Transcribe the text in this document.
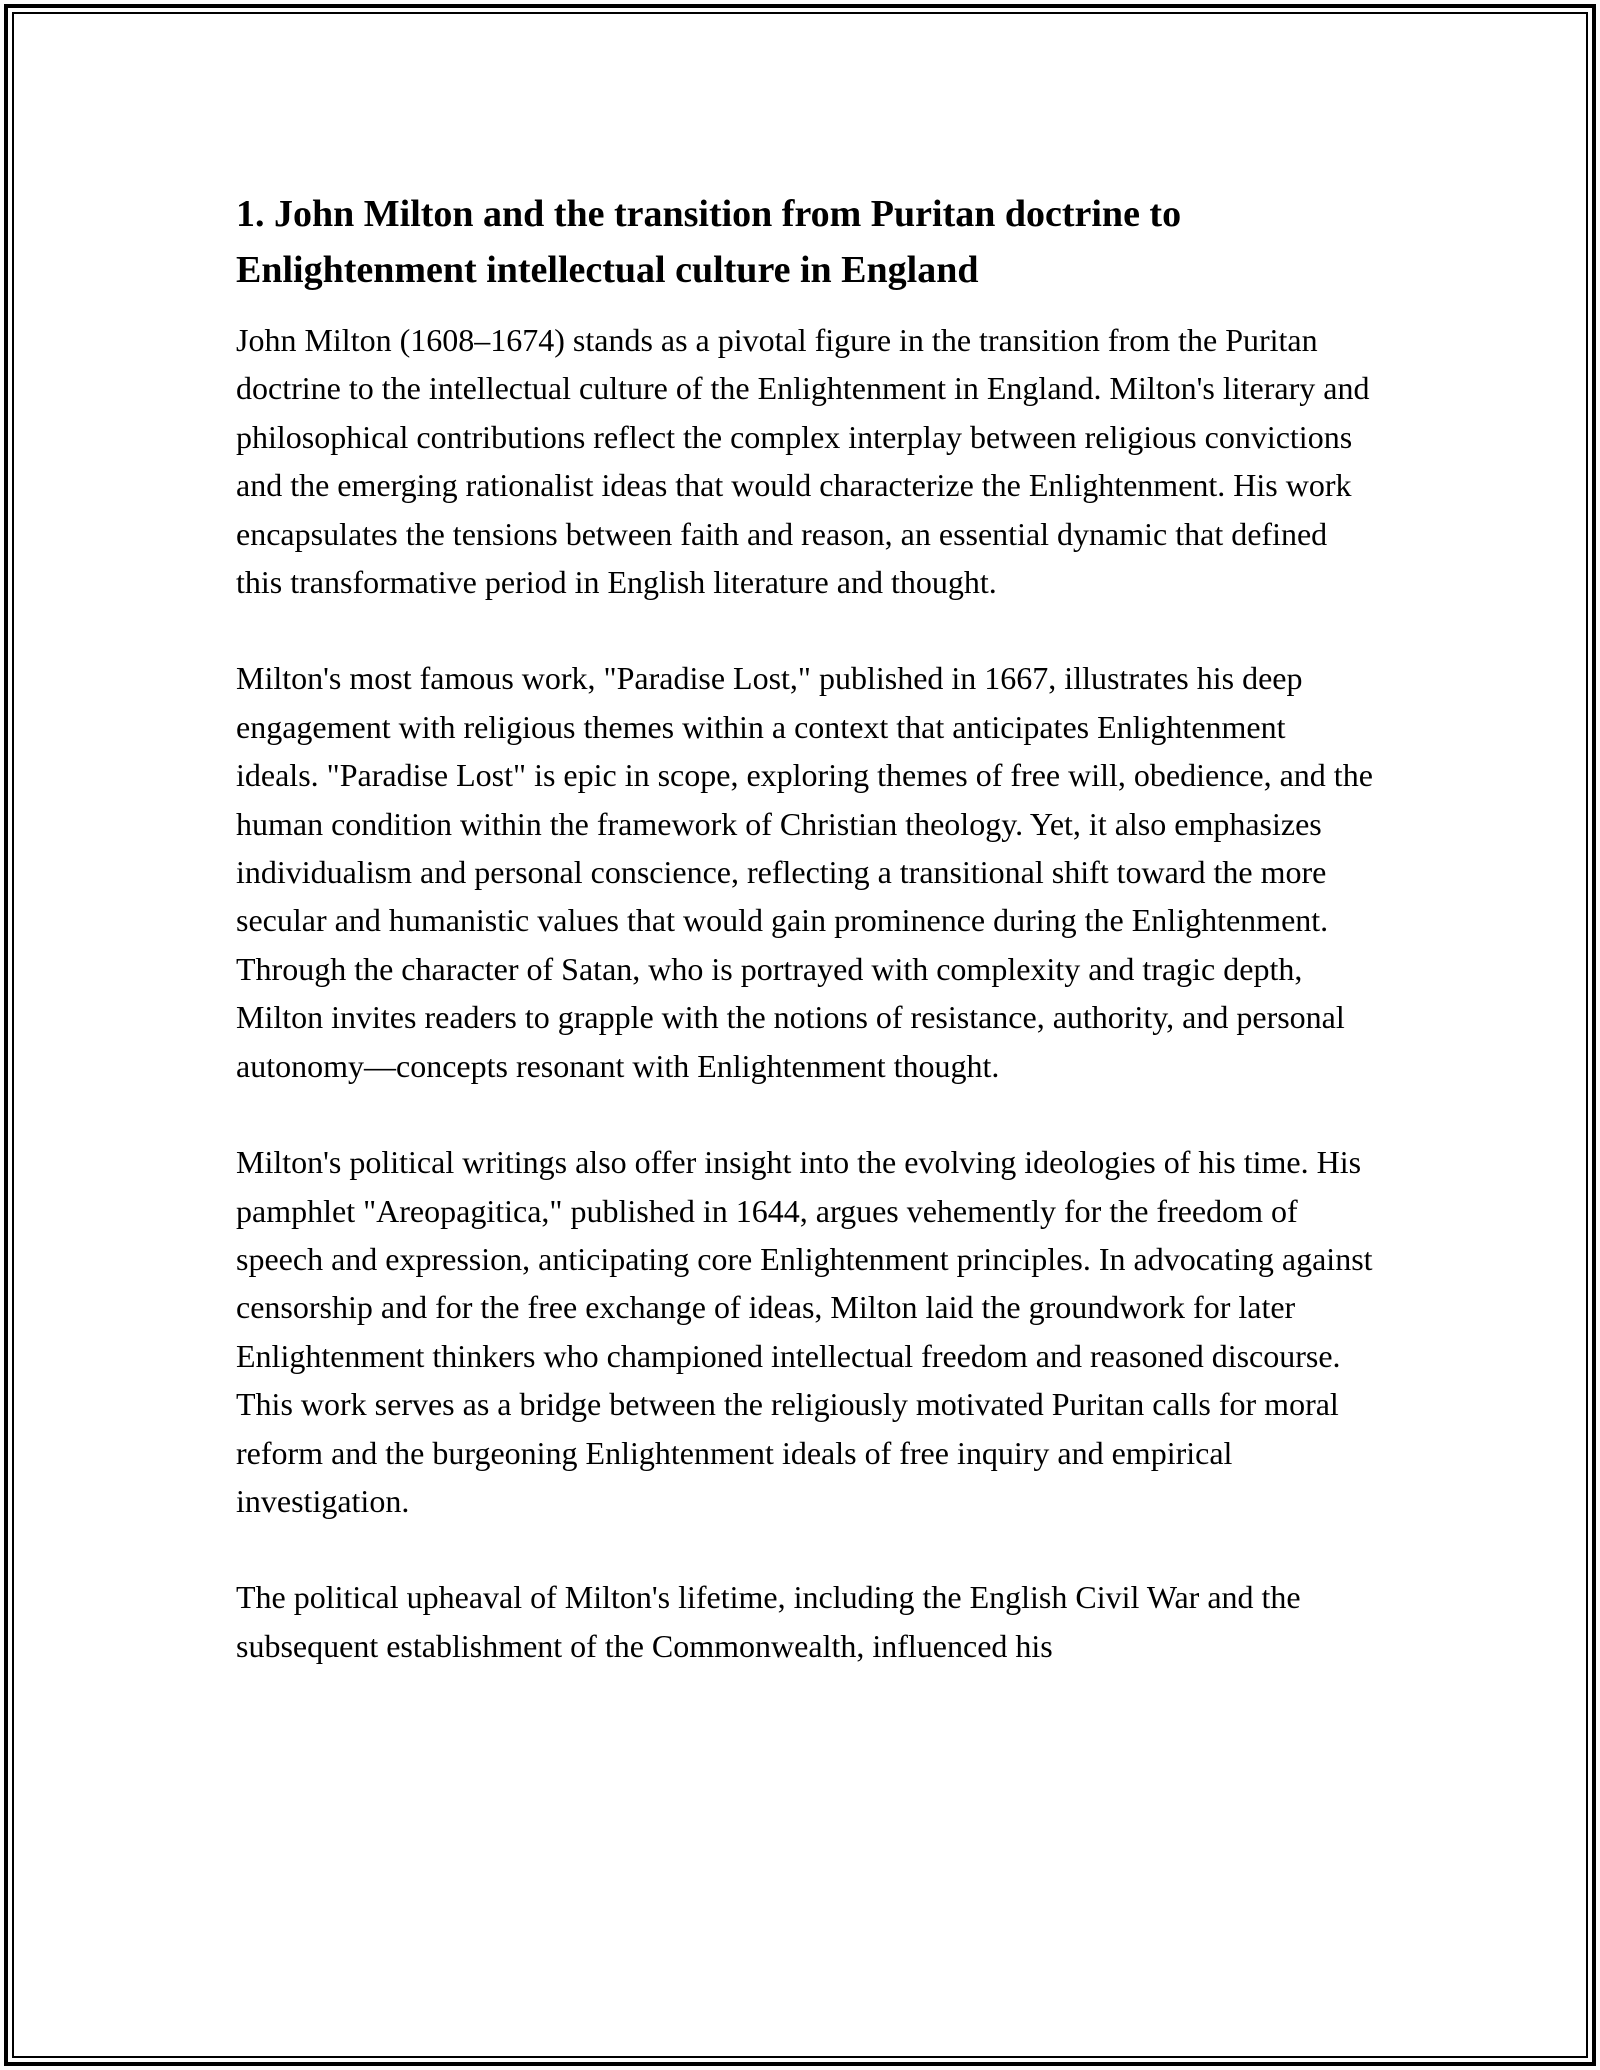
1. John Milton and the transition from Puritan doctrine to Enlightenment intellectual culture in England

John Milton (1608–1674) stands as a pivotal figure in the transition from the Puritan doctrine to the intellectual culture of the Enlightenment in England. Milton's literary and philosophical contributions reflect the complex interplay between religious convictions and the emerging rationalist ideas that would characterize the Enlightenment. His work encapsulates the tensions between faith and reason, an essential dynamic that defined this transformative period in English literature and thought.

Milton's most famous work, "Paradise Lost," published in 1667, illustrates his deep engagement with religious themes within a context that anticipates Enlightenment ideals. "Paradise Lost" is epic in scope, exploring themes of free will, obedience, and the human condition within the framework of Christian theology. Yet, it also emphasizes individualism and personal conscience, reflecting a transitional shift toward the more secular and humanistic values that would gain prominence during the Enlightenment. Through the character of Satan, who is portrayed with complexity and tragic depth, Milton invites readers to grapple with the notions of resistance, authority, and personal autonomy—concepts resonant with Enlightenment thought.

Milton's political writings also offer insight into the evolving ideologies of his time. His pamphlet "Areopagitica," published in 1644, argues vehemently for the freedom of speech and expression, anticipating core Enlightenment principles. In advocating against censorship and for the free exchange of ideas, Milton laid the groundwork for later Enlightenment thinkers who championed intellectual freedom and reasoned discourse. This work serves as a bridge between the religiously motivated Puritan calls for moral reform and the burgeoning Enlightenment ideals of free inquiry and empirical investigation.

The political upheaval of Milton's lifetime, including the English Civil War and the subsequent establishment of the Commonwealth, influenced his
